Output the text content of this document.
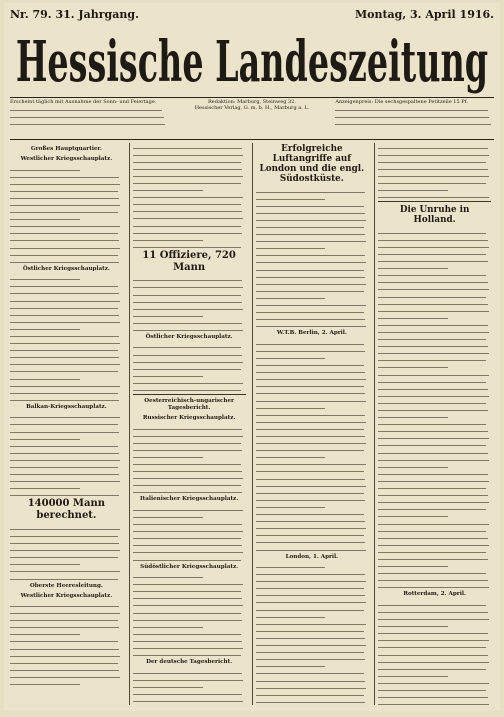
Nr. 79. 31. Jahrgang.	Montag, 3. April 1916.
Hessische Landeszeitung
Erscheint täglich mit Ausnahme der Sonn- und Feiertage.	Redaktion: Marburg, Steinweg 32.
Hessischer Verlag, G. m. b. H., Marburg a. L.
Anzeigenpreis: Die sechsgespaltene Petitzeile 15 Pf.
Großes Hauptquartier.
Westlicher Kriegsschauplatz.
Östlicher Kriegsschauplatz.
Balkan-Kriegsschauplatz.
140000 Mann berechnet.
Oberste Heeresleitung.
Westlicher Kriegsschauplatz.
11 Offiziere, 720 Mann
Östlicher Kriegsschauplatz.
Oesterreichisch-ungarischer Tagesbericht.
Russischer Kriegsschauplatz.
Italienischer Kriegsschauplatz.
Südöstlicher Kriegsschauplatz.
Der deutsche Tagesbericht.
Erfolgreiche Luftangriffe auf London und die engl. Südostküste.
W.T.B. Berlin, 2. April.
London, 1. April.
Die Unruhe in Holland.
Rotterdam, 2. April.
